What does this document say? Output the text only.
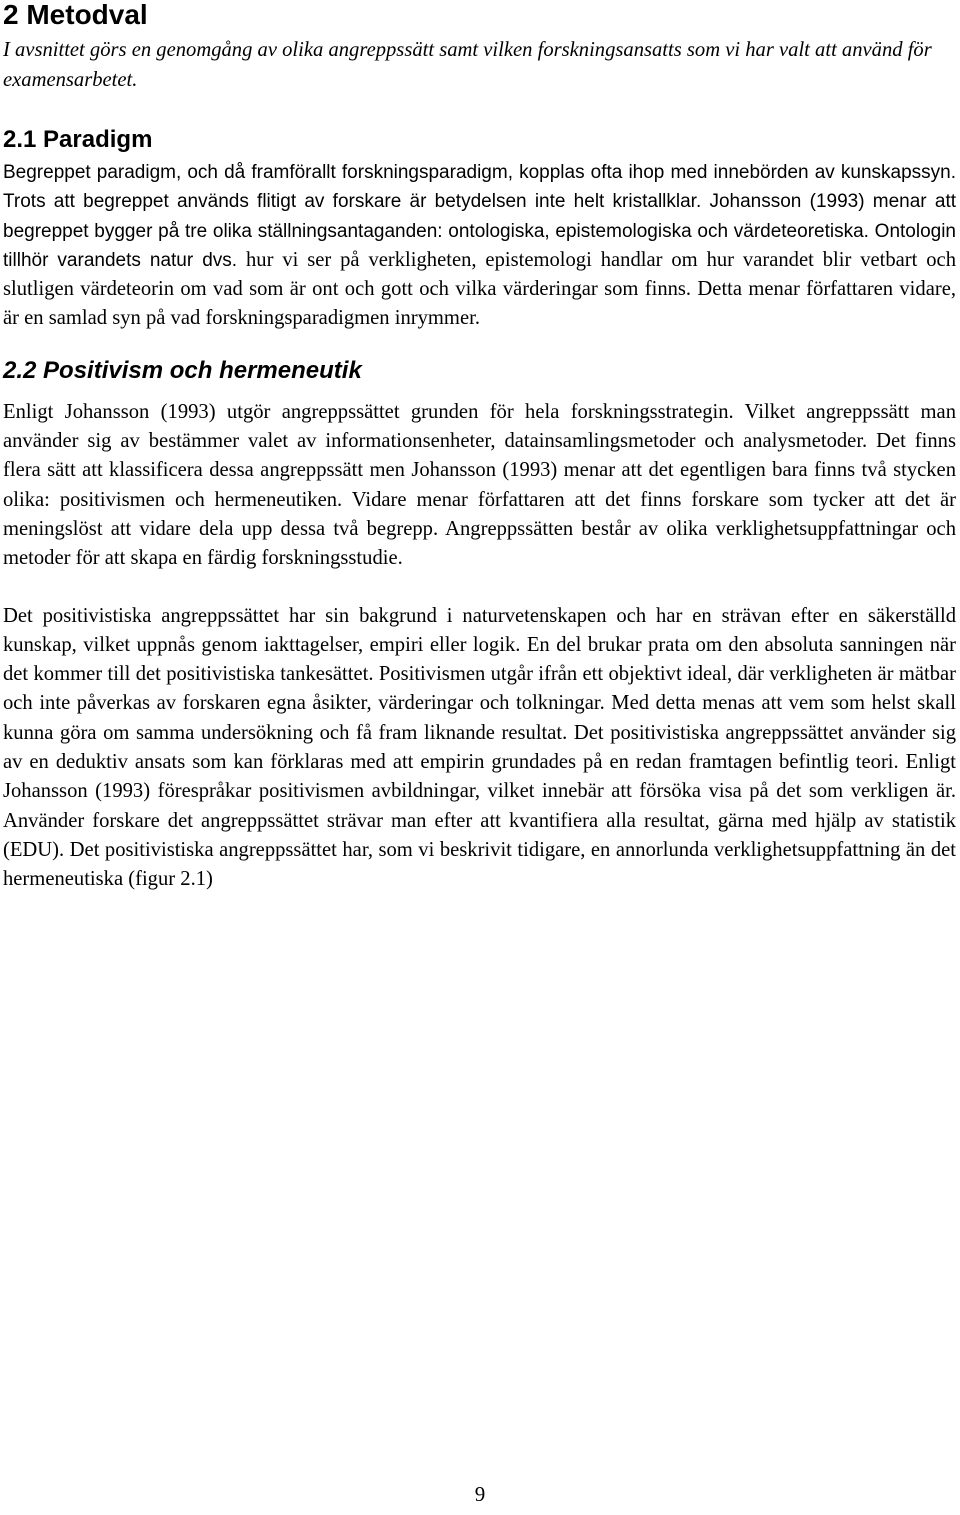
2 Metodval

I avsnittet görs en genomgång av olika angreppssätt samt vilken forskningsansatts som vi har valt att använd för examensarbetet.

2.1 Paradigm

Begreppet paradigm, och då framförallt forskningsparadigm, kopplas ofta ihop med innebörden av kunskapssyn. Trots att begreppet används flitigt av forskare är betydelsen inte helt kristallklar. Johansson (1993) menar att begreppet bygger på tre olika ställningsantaganden: ontologiska, epistemologiska och värdeteoretiska. Ontologin tillhör varandets natur dvs. hur vi ser på verkligheten, epistemologi handlar om hur varandet blir vetbart och slutligen värdeteorin om vad som är ont och gott och vilka värderingar som finns. Detta menar författaren vidare, är en samlad syn på vad forskningsparadigmen inrymmer.

2.2 Positivism och hermeneutik

Enligt Johansson (1993) utgör angreppssättet grunden för hela forskningsstrategin. Vilket angreppssätt man använder sig av bestämmer valet av informationsenheter, datainsamlingsmetoder och analysmetoder. Det finns flera sätt att klassificera dessa angreppssätt men Johansson (1993) menar att det egentligen bara finns två stycken olika: positivismen och hermeneutiken. Vidare menar författaren att det finns forskare som tycker att det är meningslöst att vidare dela upp dessa två begrepp. Angreppssätten består av olika verklighetsuppfattningar och metoder för att skapa en färdig forskningsstudie.

Det positivistiska angreppssättet har sin bakgrund i naturvetenskapen och har en strävan efter en säkerställd kunskap, vilket uppnås genom iakttagelser, empiri eller logik. En del brukar prata om den absoluta sanningen när det kommer till det positivistiska tankesättet. Positivismen utgår ifrån ett objektivt ideal, där verkligheten är mätbar och inte påverkas av forskaren egna åsikter, värderingar och tolkningar. Med detta menas att vem som helst skall kunna göra om samma undersökning och få fram liknande resultat. Det positivistiska angreppssättet använder sig av en deduktiv ansats som kan förklaras med att empirin grundades på en redan framtagen befintlig teori. Enligt Johansson (1993) förespråkar positivismen avbildningar, vilket innebär att försöka visa på det som verkligen är. Använder forskare det angreppssättet strävar man efter att kvantifiera alla resultat, gärna med hjälp av statistik (EDU). Det positivistiska angreppssättet har, som vi beskrivit tidigare, en annorlunda verklighetsuppfattning än det hermeneutiska (figur 2.1)

9
